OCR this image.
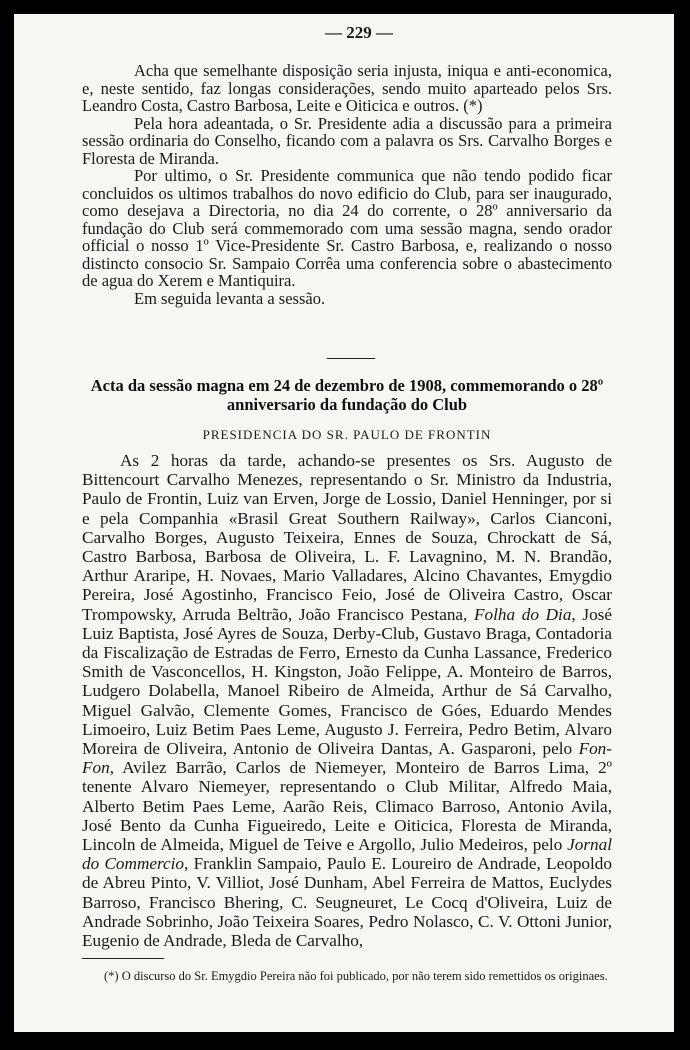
— 229 —

Acha que semelhante disposição seria injusta, iniqua e anti-economica, e, neste sentido, faz longas considerações, sendo muito aparteado pelos Srs. Leandro Costa, Castro Barbosa, Leite e Oiticica e outros. (*)

Pela hora adeantada, o Sr. Presidente adia a discussão para a primeira sessão ordinaria do Conselho, ficando com a palavra os Srs. Carvalho Borges e Floresta de Miranda.

Por ultimo, o Sr. Presidente communica que não tendo podido ficar concluidos os ultimos trabalhos do novo edificio do Club, para ser inaugurado, como desejava a Directoria, no dia 24 do corrente, o 28º anniversario da fundação do Club será commemorado com uma sessão magna, sendo orador official o nosso 1º Vice-Presidente Sr. Castro Barbosa, e, realizando o nosso distincto consocio Sr. Sampaio Corrêa uma conferencia sobre o abastecimento de agua do Xerem e Mantiquira.

Em seguida levanta a sessão.

Acta da sessão magna em 24 de dezembro de 1908, commemorando o 28º anniversario da fundação do Club
PRESIDENCIA DO SR. PAULO DE FRONTIN

As 2 horas da tarde, achando-se presentes os Srs. Augusto de Bittencourt Carvalho Menezes, representando o Sr. Ministro da Industria, Paulo de Frontin, Luiz van Erven, Jorge de Lossio, Daniel Henninger, por si e pela Companhia «Brasil Great Southern Railway», Carlos Cianconi, Carvalho Borges, Augusto Teixeira, Ennes de Souza, Chrockatt de Sá, Castro Barbosa, Barbosa de Oliveira, L. F. Lavagnino, M. N. Brandão, Arthur Araripe, H. Novaes, Mario Valladares, Alcino Chavantes, Emygdio Pereira, José Agostinho, Francisco Feio, José de Oliveira Castro, Oscar Trompowsky, Arruda Beltrão, João Francisco Pestana, Folha do Dia, José Luiz Baptista, José Ayres de Souza, Derby-Club, Gustavo Braga, Contadoria da Fiscalização de Estradas de Ferro, Ernesto da Cunha Lassance, Frederico Smith de Vasconcellos, H. Kingston, João Felippe, A. Monteiro de Barros, Ludgero Dolabella, Manoel Ribeiro de Almeida, Arthur de Sá Carvalho, Miguel Galvão, Clemente Gomes, Francisco de Góes, Eduardo Mendes Limoeiro, Luiz Betim Paes Leme, Augusto J. Ferreira, Pedro Betim, Alvaro Moreira de Oliveira, Antonio de Oliveira Dantas, A. Gasparoni, pelo Fon-Fon, Avilez Barrão, Carlos de Niemeyer, Monteiro de Barros Lima, 2º tenente Alvaro Niemeyer, representando o Club Militar, Alfredo Maia, Alberto Betim Paes Leme, Aarão Reis, Climaco Barroso, Antonio Avila, José Bento da Cunha Figueiredo, Leite e Oiticica, Floresta de Miranda, Lincoln de Almeida, Miguel de Teive e Argollo, Julio Medeiros, pelo Jornal do Commercio, Franklin Sampaio, Paulo E. Loureiro de Andrade, Leopoldo de Abreu Pinto, V. Villiot, José Dunham, Abel Ferreira de Mattos, Euclydes Barroso, Francisco Bhering, C. Seugneuret, Le Cocq d'Oliveira, Luiz de Andrade Sobrinho, João Teixeira Soares, Pedro Nolasco, C. V. Ottoni Junior, Eugenio de Andrade, Bleda de Carvalho,

(*) O discurso do Sr. Emygdio Pereira não foi publicado, por não terem sido remettidos os originaes.
